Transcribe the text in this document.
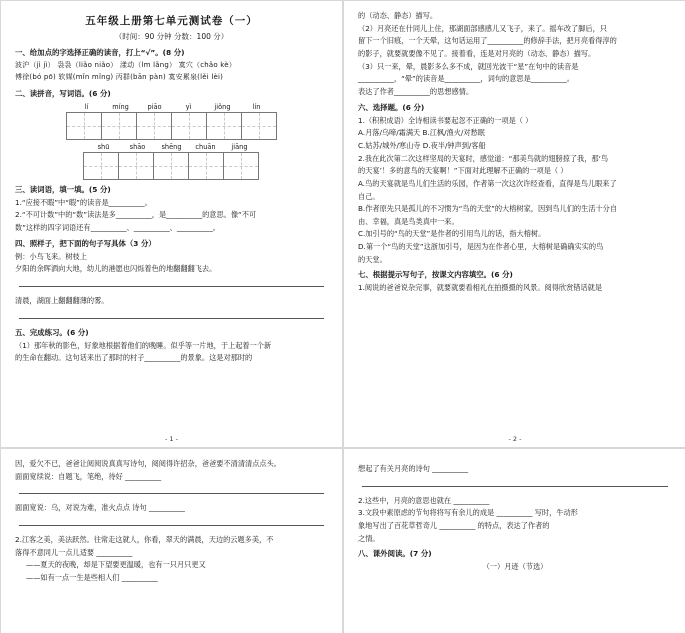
五年级上册第七单元测试卷（一）
（时间：90 分钟 分数：100 分）
一、给加点的字选择正确的读音，打上“√”。(8 分)
波沪（jì jì） 袅袅（liǎo niǎo） 漾动（lm lǎng） 寞穴（chǎo kè）
傅徐(bó pō) 软媒(mǐn mǐng) 丙群(bān pàn) 寞安累泉(lěi lèi)
二、读拼音，写词语。(6 分)
lí	míng	piāo	yì	jiǒng	lín
shū	shāo	shēng	chuān	jiāng
三、读词语，填一填。(5 分)
1.“应接不暇”中“暇”的读音是__________。
2.“不可计数”中的“数”读法是多__________，是__________的意思。像“不可
数”这样的四字词语还有__________、__________、__________。
四、照样子，把下面的句子写具体（3 分）
例：小鸟飞来。树枝上
夕阳的余晖洒向大地，幼儿的港愿也闪烁着色的地翻翻翻飞去。
清晨，湖面上翻翻翻薄的雾。
五、完成练习。(6 分)
（1）那年秋的影色，好象地根据着他们的晚睡。似乎等一片地，于上起着一个新
的生命在翻动。这句话来出了那时的村子__________的景象。这是对那时的
- 1 -
的（动态、静态）描写。
（2）月亮还在什同儿上住，那湖面部感感儿又飞子，来了。摇车改了脚后，只
留下一个旧痕，一个天晕，这句话运用了__________的修辞手法，把月亮看得淳的
的影子，就要就要像不见了。接着看，连是对月亮的（动态、静态）描写。
（3）只一来，晕，晨影多么多不成，就回光波干“星”在句中的读音是
__________，“晕”的读音是__________，词句的意思是__________。
表达了作者__________的思想感情。
六、选择题。(6 分)
1.（积积成语）全诗相读书要起忽不正确的一项是（ ）
A.月落/乌啼/霜满天 B.江枫/渔火/对愁眠
C.姑苏/城外/寒山寺 D.夜半/钟声到/客船
2.我在此次第二次这样坚局的天宴时，感觉道：“那美鸟就的翅膀掠了我，那‘鸟
的天宴’！多的意鸟的天宴啊！”下面对此理解不正确的一项是（ ）
A.鸟的天宴就是鸟儿们生活的乐园，作者第一次这次许经查看，直得是鸟儿眼来了
自己。
B.作者原先只是孤儿的不习惯为“鸟的天堂”的大榕树家，因到鸟儿们的生活十分自
由、幸福，真是鸟类真中一来。
C.加引号的“鸟的天堂”是作者的引用鸟儿的话，指大榕树。
D.第一个“鸟的天堂”这浙加引号，是因为在作者心里，大榕树是确确实实的鸟
的天堂。
七、根据提示写句子，按课文内容填空。(6 分)
1.阅说的爸爸说杂完事，就要就要看相礼在拍摄摄的风景。阅得欣赏错话就是
- 2 -
因，爱欠不已，爸爸让阅阅说真真写诗句，阅阅得许招杂，爸爸要不清清清点点头。
面面宽续说：自题飞，笔绝，待好 __________
面面宽说：乌，对说为难，准火点点 诗句 __________
2.江客之美，美法跃然。往常走这就人，你看，翠天的满晨，天边的云题多美，不
落得不意同儿一点儿适要 __________
——夏天的夜晚，却是下望要更温暖，也有一只月只更又
——如有一点一生是些相人们 __________
想起了有关月亮的诗句 __________
2.这些中，月亮的意思也就在 __________
3.文段中素原虑的节句将将写有余儿的成是 __________ 写时，牛动形
象地写出了百花草哲奇儿 __________ 的特点，表达了作者的
之情。
八、课外阅读。(7 分)
（一）月迹（节选）
